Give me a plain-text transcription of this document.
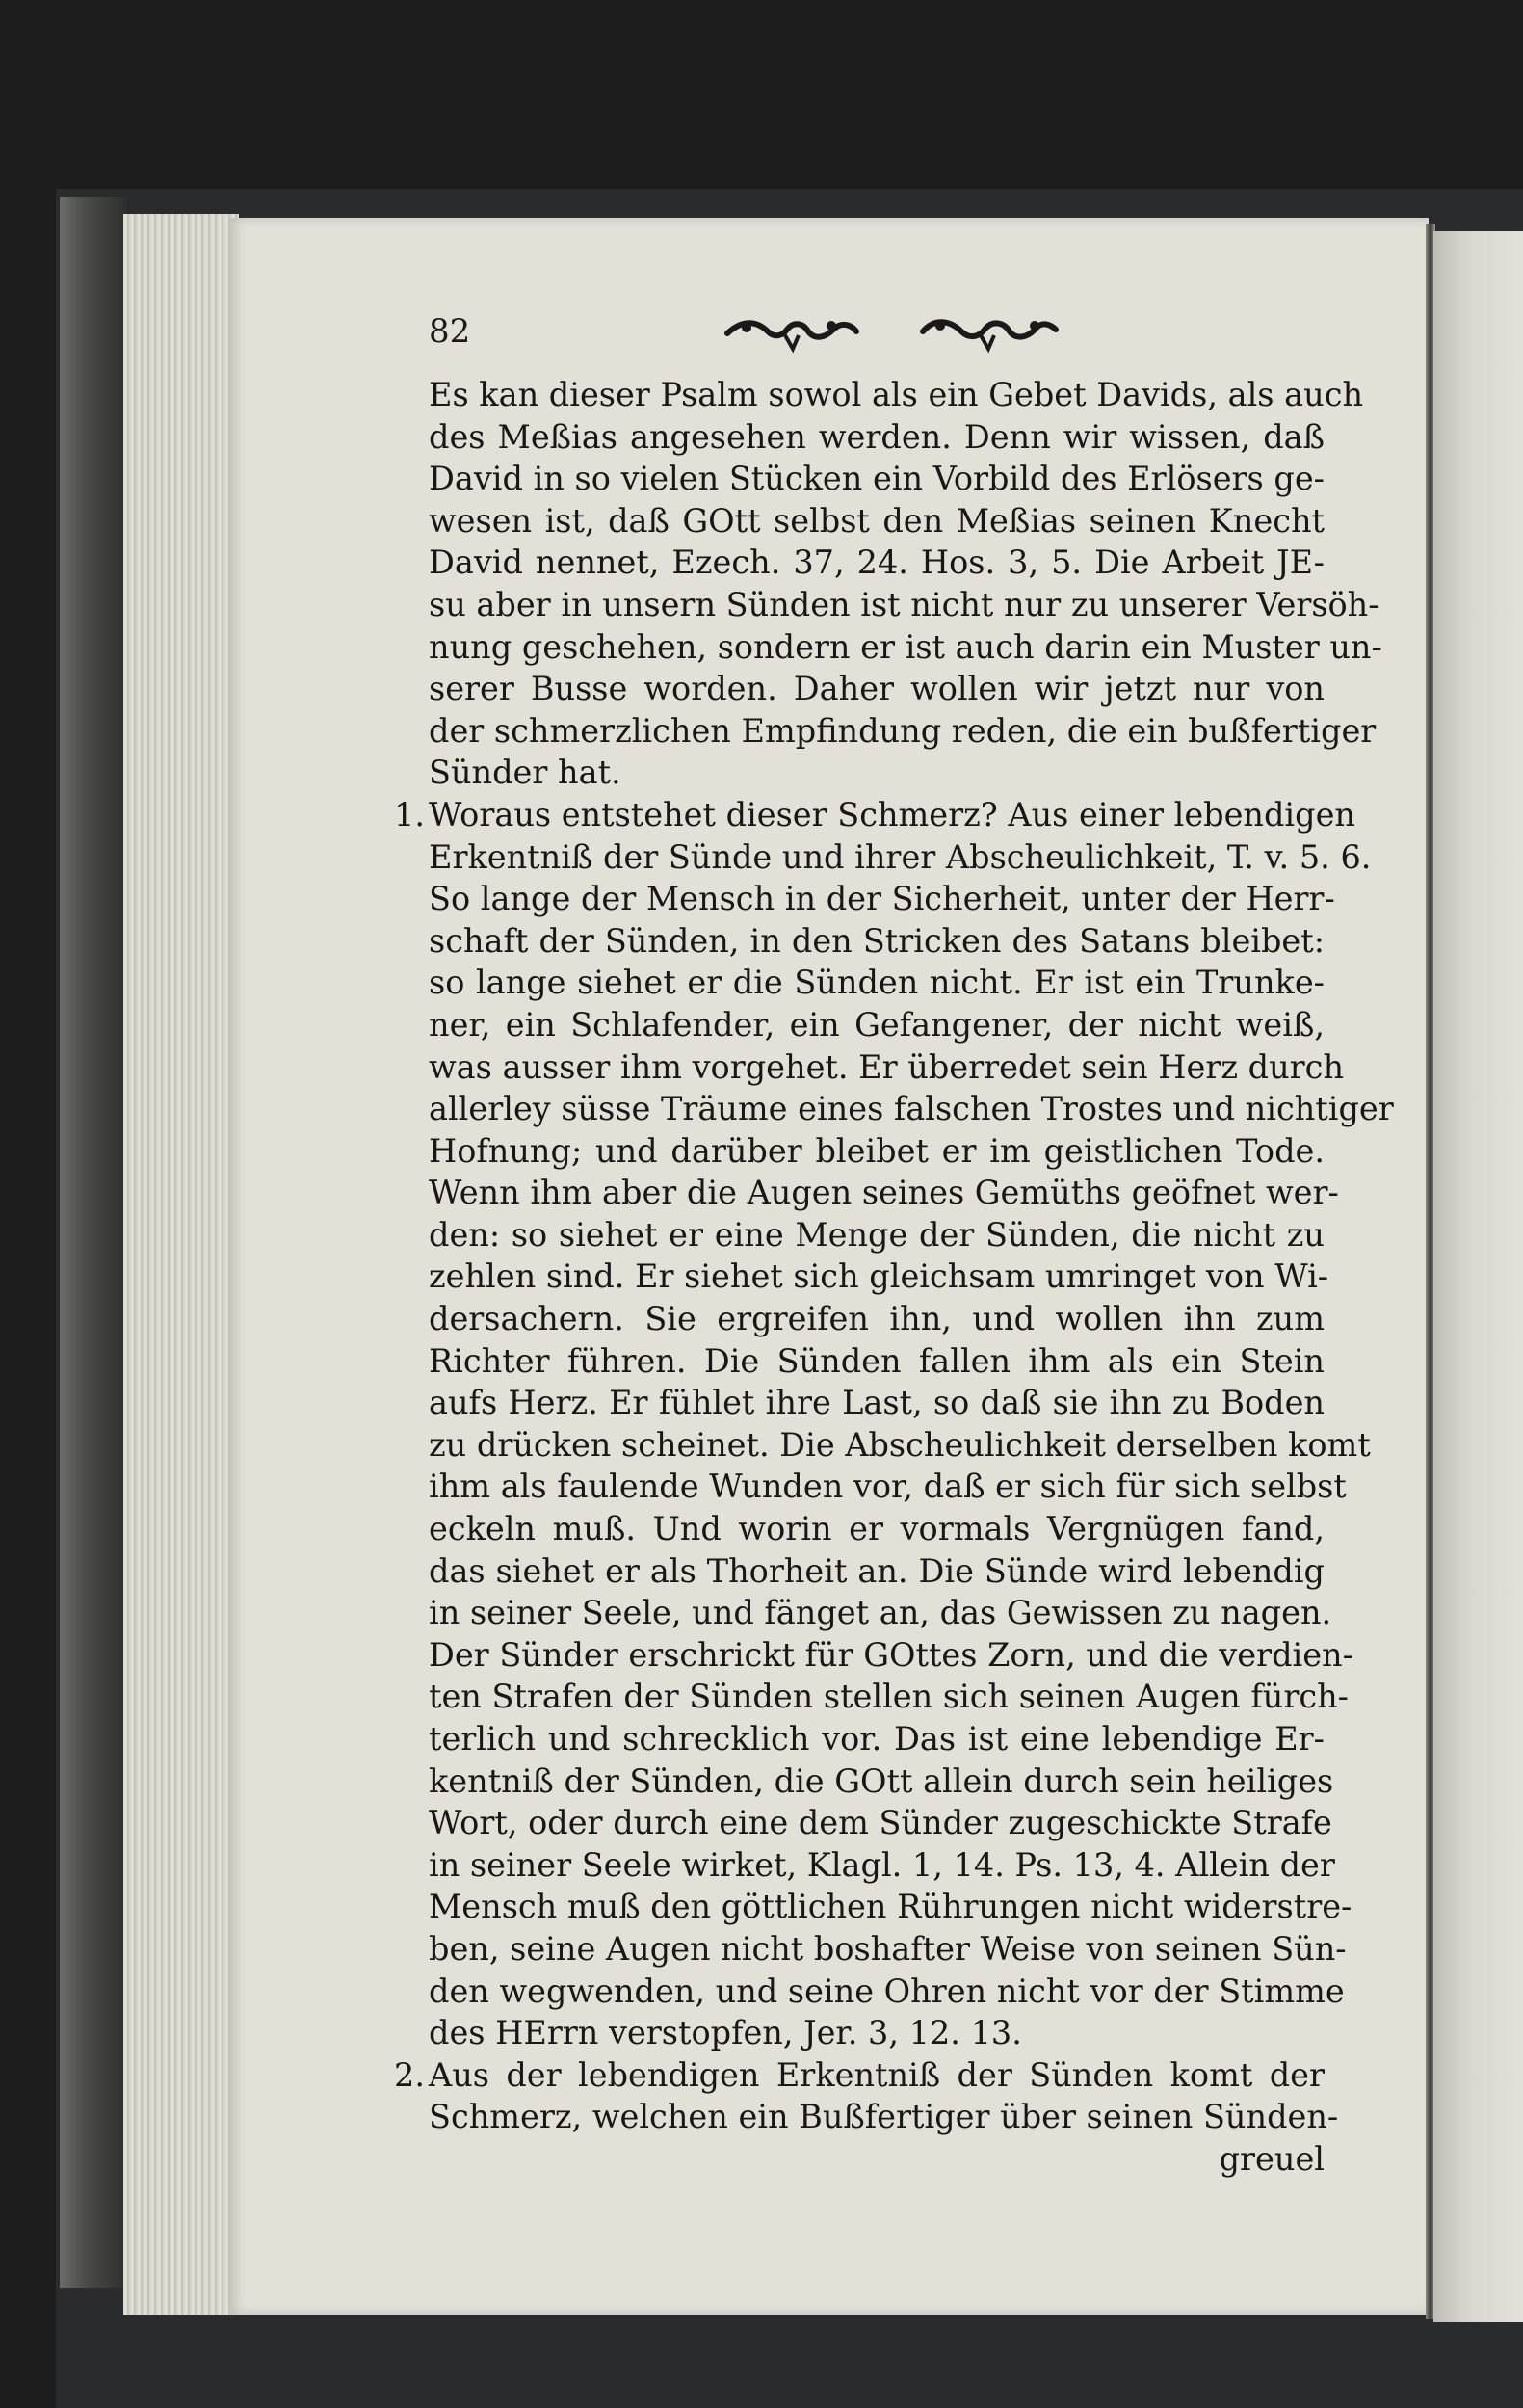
82
Es kan dieser Psalm sowol als ein Gebet Davids, als auch
des Meßias angesehen werden. Denn wir wissen, daß
David in so vielen Stücken ein Vorbild des Erlösers ge-
wesen ist, daß GOtt selbst den Meßias seinen Knecht
David nennet, Ezech. 37, 24. Hos. 3, 5. Die Arbeit JE-
su aber in unsern Sünden ist nicht nur zu unserer Versöh-
nung geschehen, sondern er ist auch darin ein Muster un-
serer Busse worden. Daher wollen wir jetzt nur von
der schmerzlichen Empfindung reden, die ein bußfertiger
Sünder hat.
1. Woraus entstehet dieser Schmerz? Aus einer lebendigen
Erkentniß der Sünde und ihrer Abscheulichkeit, T. v. 5. 6.
So lange der Mensch in der Sicherheit, unter der Herr-
schaft der Sünden, in den Stricken des Satans bleibet:
so lange siehet er die Sünden nicht. Er ist ein Trunke-
ner, ein Schlafender, ein Gefangener, der nicht weiß,
was ausser ihm vorgehet. Er überredet sein Herz durch
allerley süsse Träume eines falschen Trostes und nichtiger
Hofnung; und darüber bleibet er im geistlichen Tode.
Wenn ihm aber die Augen seines Gemüths geöfnet wer-
den: so siehet er eine Menge der Sünden, die nicht zu
zehlen sind. Er siehet sich gleichsam umringet von Wi-
dersachern. Sie ergreifen ihn, und wollen ihn zum
Richter führen. Die Sünden fallen ihm als ein Stein
aufs Herz. Er fühlet ihre Last, so daß sie ihn zu Boden
zu drücken scheinet. Die Abscheulichkeit derselben komt
ihm als faulende Wunden vor, daß er sich für sich selbst
eckeln muß. Und worin er vormals Vergnügen fand,
das siehet er als Thorheit an. Die Sünde wird lebendig
in seiner Seele, und fänget an, das Gewissen zu nagen.
Der Sünder erschrickt für GOttes Zorn, und die verdien-
ten Strafen der Sünden stellen sich seinen Augen fürch-
terlich und schrecklich vor. Das ist eine lebendige Er-
kentniß der Sünden, die GOtt allein durch sein heiliges
Wort, oder durch eine dem Sünder zugeschickte Strafe
in seiner Seele wirket, Klagl. 1, 14. Ps. 13, 4. Allein der
Mensch muß den göttlichen Rührungen nicht widerstre-
ben, seine Augen nicht boshafter Weise von seinen Sün-
den wegwenden, und seine Ohren nicht vor der Stimme
des HErrn verstopfen, Jer. 3, 12. 13.
2. Aus der lebendigen Erkentniß der Sünden komt der
Schmerz, welchen ein Bußfertiger über seinen Sünden-
greuel
